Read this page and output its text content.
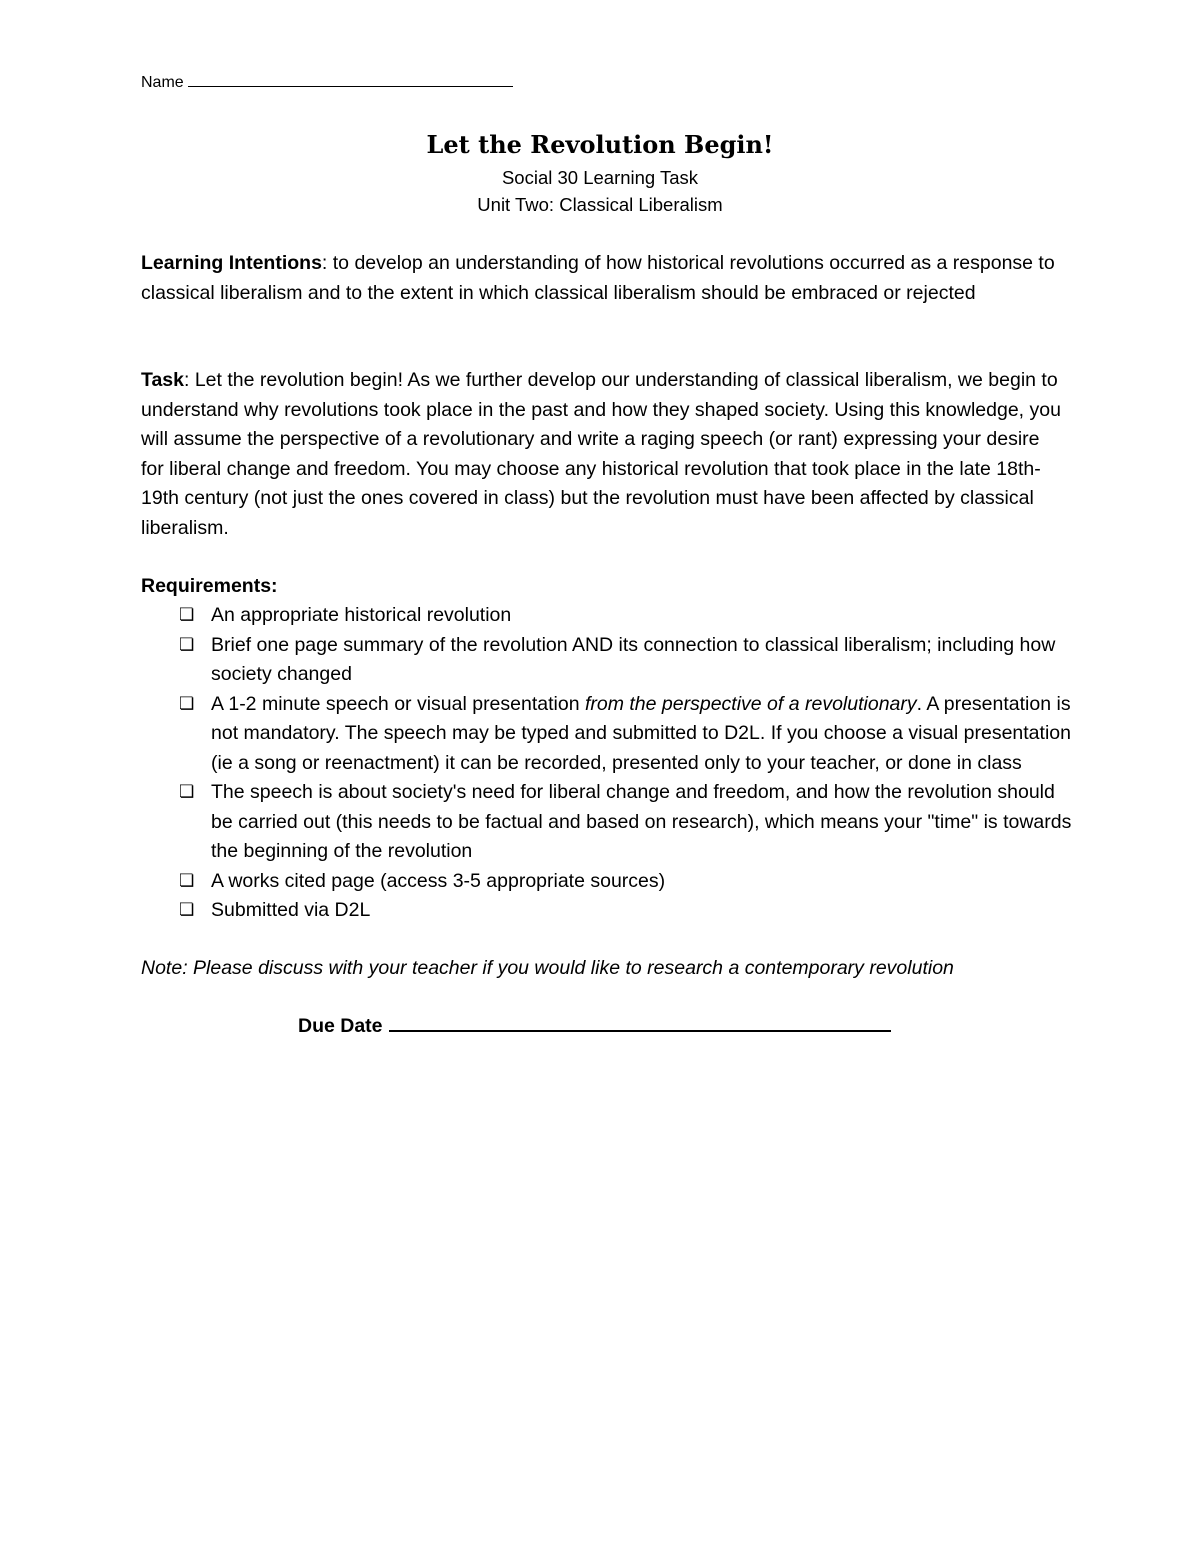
Name
Let the Revolution Begin!
Social 30 Learning Task
Unit Two: Classical Liberalism
Learning Intentions: to develop an understanding of how historical revolutions occurred as a response to classical liberalism and to the extent in which classical liberalism should be embraced or rejected
Task: Let the revolution begin! As we further develop our understanding of classical liberalism, we begin to understand why revolutions took place in the past and how they shaped society. Using this knowledge, you will assume the perspective of a revolutionary and write a raging speech (or rant) expressing your desire for liberal change and freedom. You may choose any historical revolution that took place in the late 18th-19th century (not just the ones covered in class) but the revolution must have been affected by classical liberalism.
Requirements:
❏ An appropriate historical revolution
❏ Brief one page summary of the revolution AND its connection to classical liberalism; including how society changed
❏ A 1-2 minute speech or visual presentation from the perspective of a revolutionary. A presentation is not mandatory. The speech may be typed and submitted to D2L. If you choose a visual presentation (ie a song or reenactment) it can be recorded, presented only to your teacher, or done in class
❏ The speech is about society's need for liberal change and freedom, and how the revolution should be carried out (this needs to be factual and based on research), which means your "time" is towards the beginning of the revolution
❏ A works cited page (access 3-5 appropriate sources)
❏ Submitted via D2L
Note: Please discuss with your teacher if you would like to research a contemporary revolution
Due Date
